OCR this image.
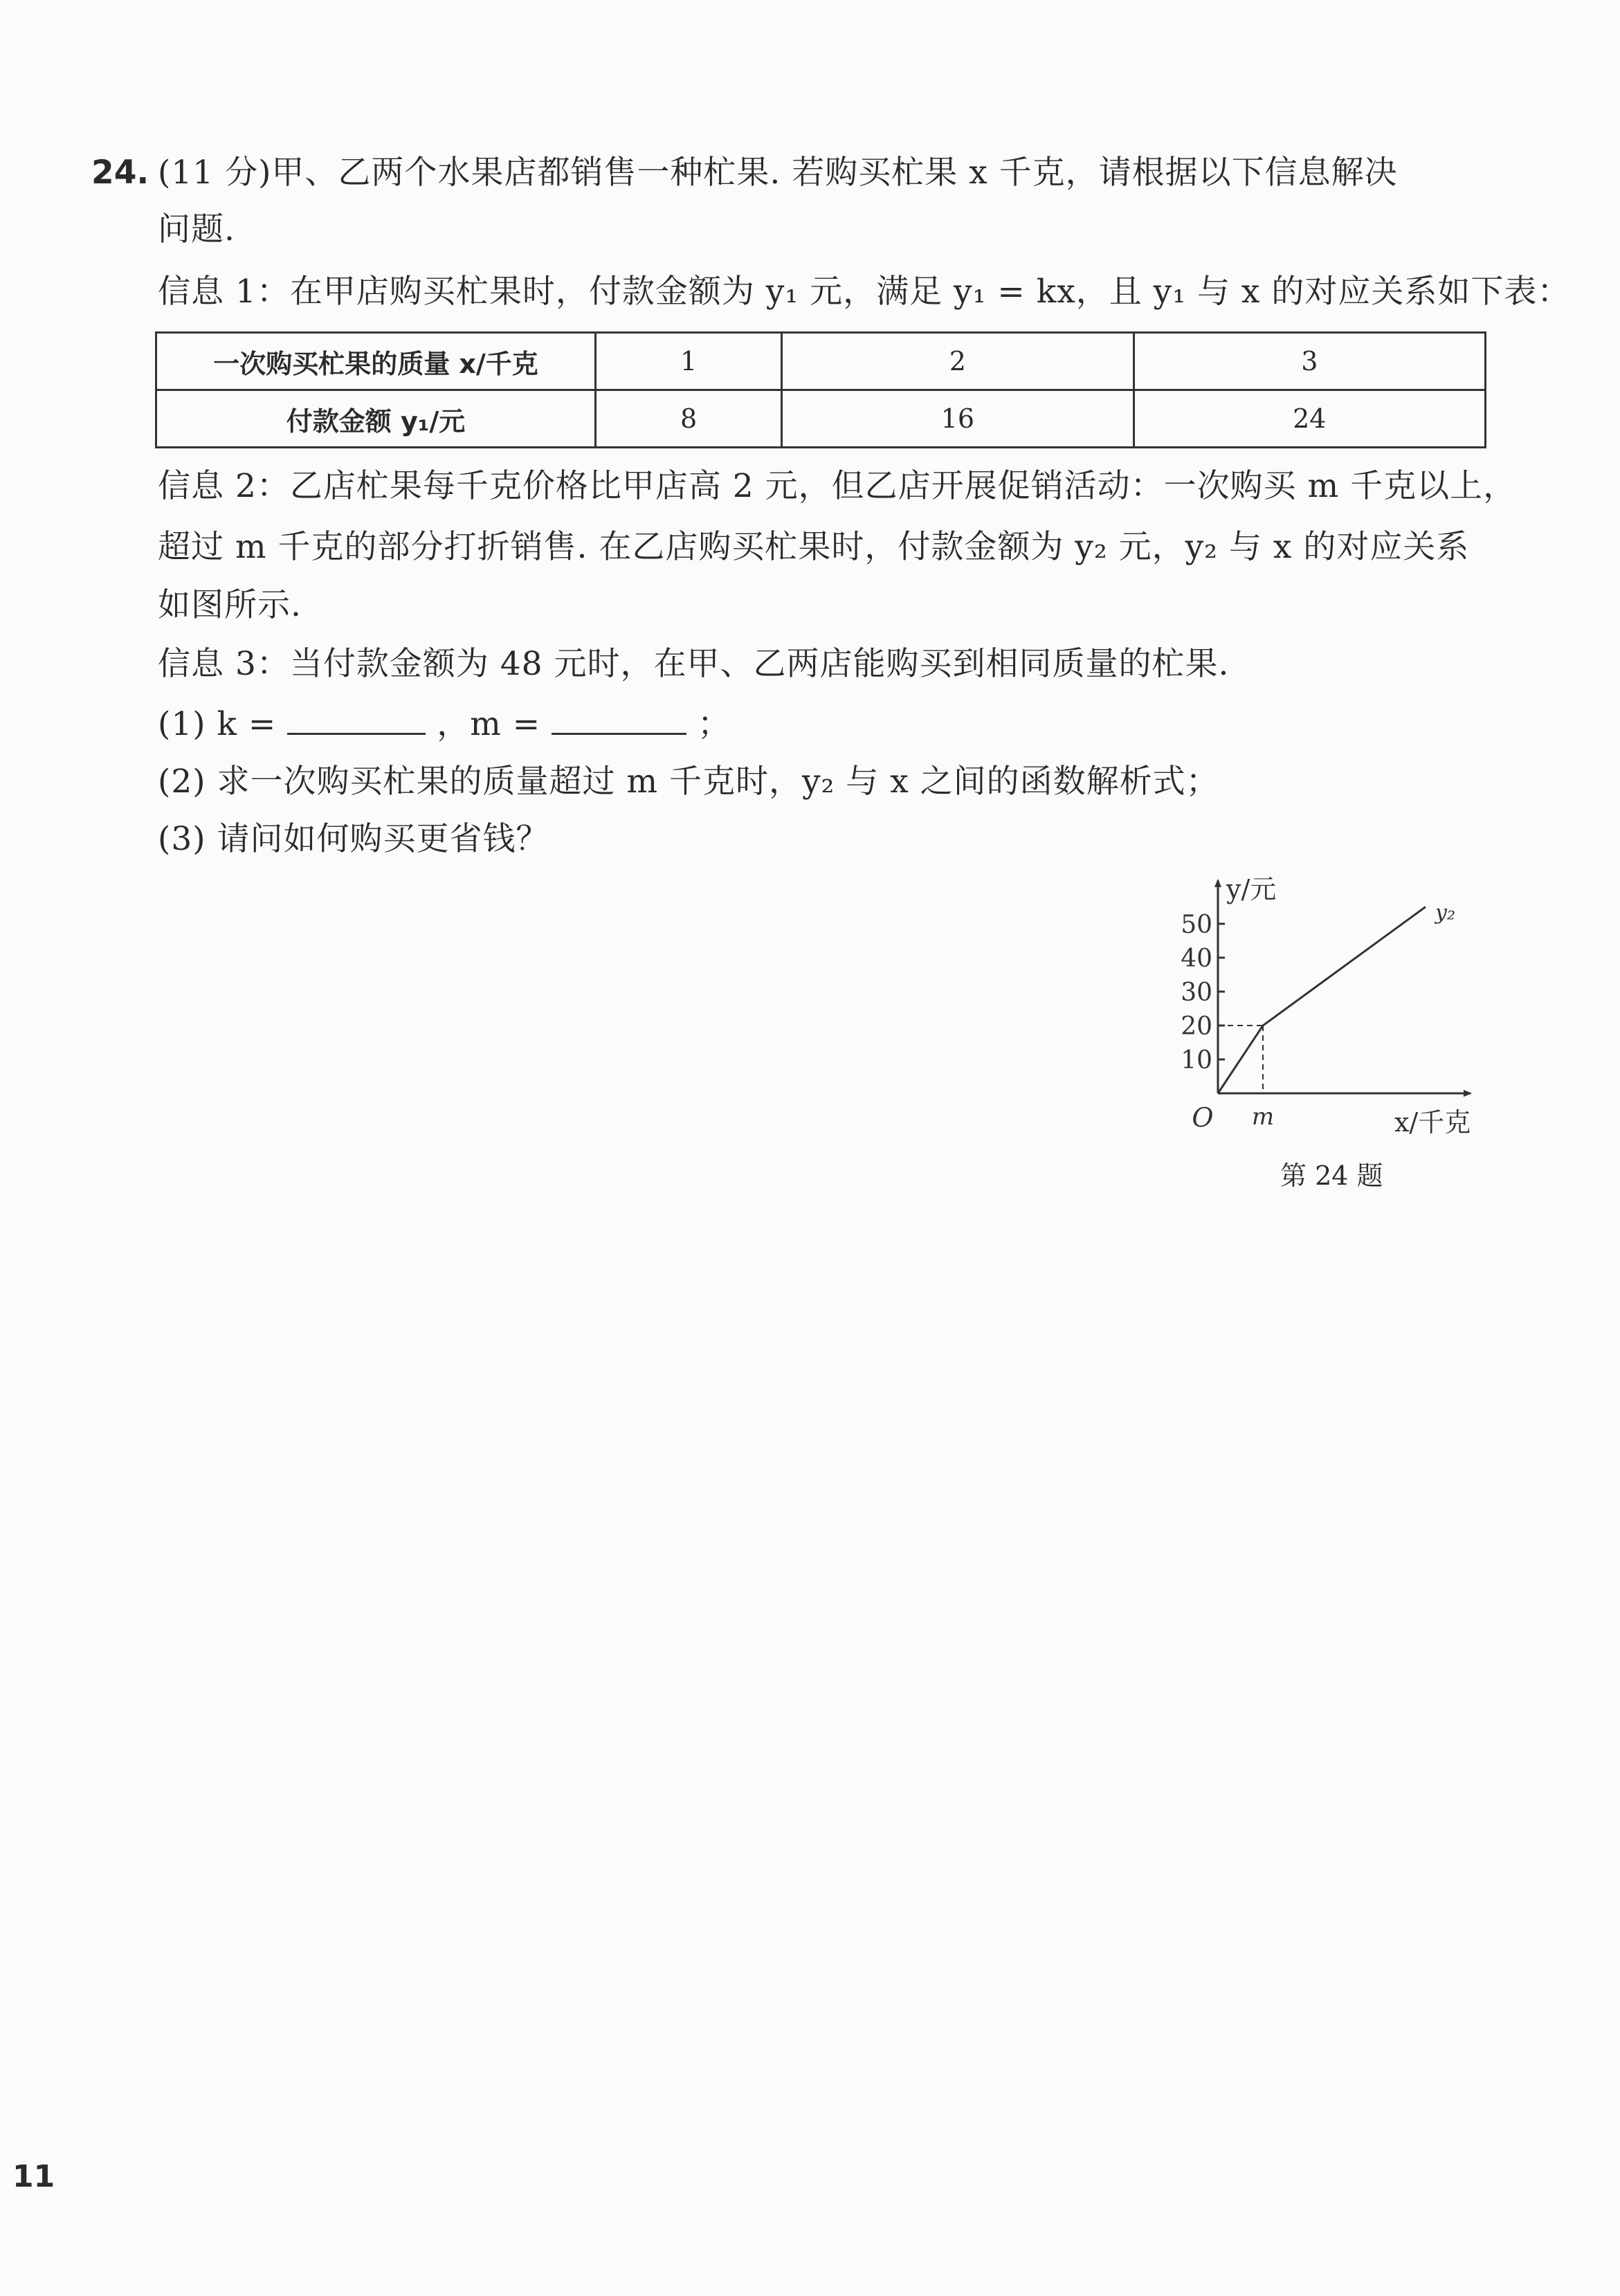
24. (11 分)甲、乙两个水果店都销售一种杧果. 若购买杧果 x 千克，请根据以下信息解决
问题.
信息 1：在甲店购买杧果时，付款金额为 y₁ 元，满足 y₁ = kx，且 y₁ 与 x 的对应关系如下表：
一次购买杧果的质量 x/千克	1	2	3
付款金额 y₁/元	8	16	24
信息 2：乙店杧果每千克价格比甲店高 2 元，但乙店开展促销活动：一次购买 m 千克以上，
超过 m 千克的部分打折销售. 在乙店购买杧果时，付款金额为 y₂ 元，y₂ 与 x 的对应关系
如图所示.
信息 3：当付款金额为 48 元时，在甲、乙两店能购买到相同质量的杧果.
(1) k =	，m =	；
(2) 求一次购买杧果的质量超过 m 千克时，y₂ 与 x 之间的函数解析式；
(3) 请问如何购买更省钱？
10
20
30
40
50
y/元
x/千克
O m
y₂
第 24 题
11
